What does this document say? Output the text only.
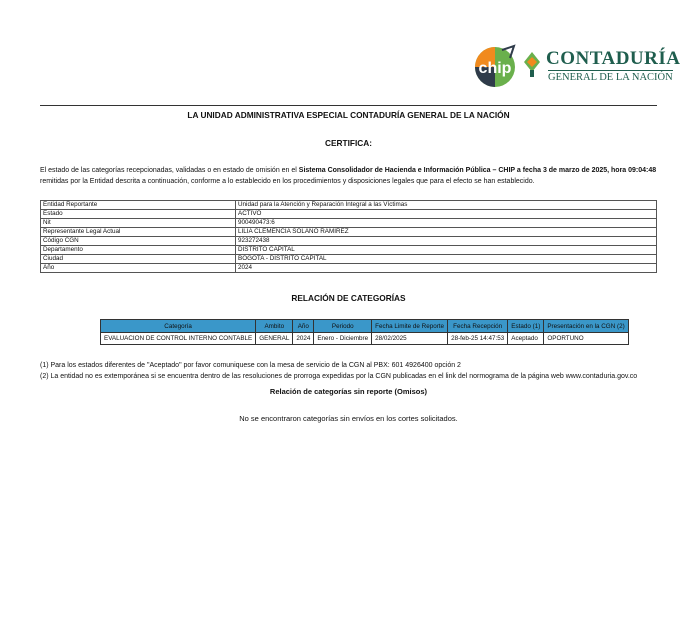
chip CONTADURÍA
GENERAL DE LA NACIÓN
LA UNIDAD ADMINISTRATIVA ESPECIAL CONTADURÍA GENERAL DE LA NACIÓN
CERTIFICA:
El estado de las categorías recepcionadas, validadas o en estado de omisión en el Sistema Consolidador de Hacienda e Información Pública – CHIP a fecha 3 de marzo de 2025, hora 09:04:48 remitidas por la Entidad descrita a continuación, conforme a lo establecido en los procedimientos y disposiciones legales que para el efecto se han establecido.
Entidad Reportante	Unidad para la Atención y Reparación Integral a las Víctimas
Estado	ACTIVO
Nit	900490473:6
Representante Legal Actual	LILIA CLEMENCIA SOLANO RAMIREZ
Código CGN	923272438
Departamento	DISTRITO CAPITAL
Ciudad	BOGOTA - DISTRITO CAPITAL
Año	2024
RELACIÓN DE CATEGORÍAS
Categoría	Ambito	Año	Periodo	Fecha Limite de Reporte	Fecha Recepción	Estado (1)	Presentación en la CGN (2)
EVALUACION DE CONTROL INTERNO CONTABLE	GENERAL	2024	Enero - Diciembre	28/02/2025	28-feb-25 14:47:53	Aceptado	OPORTUNO
(1) Para los estados diferentes de "Aceptado" por favor comuniquese con la mesa de servicio de la CGN al PBX: 601 4926400 opción 2
(2) La entidad no es extemporánea si se encuentra dentro de las resoluciones de prorroga expedidas por la CGN publicadas en el link del normograma de la página web www.contaduria.gov.co
Relación de categorías sin reporte (Omisos)
No se encontraron categorías sin envíos en los cortes solicitados.
